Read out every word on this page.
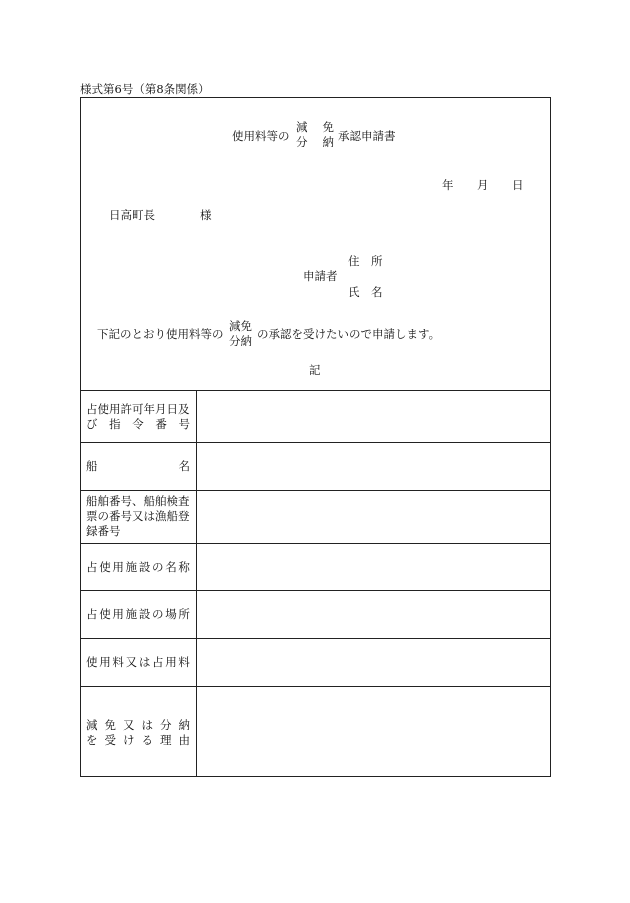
様式第6号（第8条関係）
使用料等の
減 免
分 納 承認申請書
年 月 日
日高町長	様
申請者
住　所
氏　名
下記のとおり使用料等の
減免
分納 の承認を受けたいので申請します。
記
占使用許可年月日及
び 指 令 番 号
船	名
船舶番号、船舶検査
票の番号又は漁船登
録番号
占 使 用 施 設 の 名 称
占 使 用 施 設 の 場 所
使 用 料 又 は 占 用 料
減 免 又 は 分 納
を 受 け る 理 由
